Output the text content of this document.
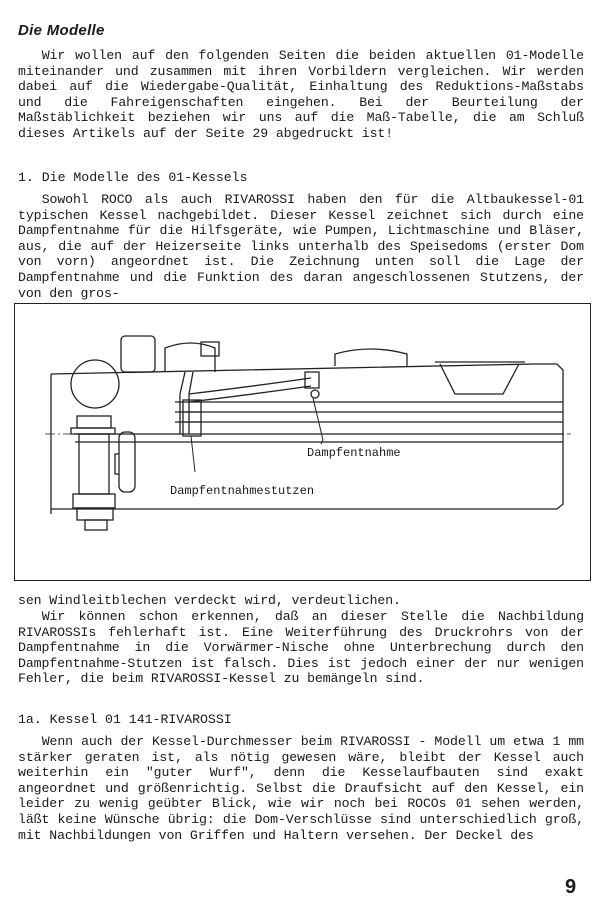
Die Modelle

Wir wollen auf den folgenden Seiten die beiden aktuellen 01-Modelle miteinander und zusammen mit ihren Vorbildern vergleichen. Wir werden dabei auf die Wiedergabe-Qualität, Einhaltung des Reduktions-Maßstabs und die Fahreigenschaften eingehen. Bei der Beurteilung der Maßstäblichkeit beziehen wir uns auf die Maß-Tabelle, die am Schluß dieses Artikels auf der Seite 29 abgedruckt ist!

1. Die Modelle des 01-Kessels

Sowohl ROCO als auch RIVAROSSI haben den für die Altbaukessel-01 typischen Kessel nachgebildet. Dieser Kessel zeichnet sich durch eine Dampfentnahme für die Hilfsgeräte, wie Pumpen, Lichtmaschine und Bläser, aus, die auf der Heizerseite links unterhalb des Speisedoms (erster Dom von vorn) angeordnet ist. Die Zeichnung unten soll die Lage der Dampfentnahme und die Funktion des daran angeschlossenen Stutzens, der von den gros-

Dampfentnahme
Dampfentnahmestutzen

sen Windleitblechen verdeckt wird, verdeutlichen.

Wir können schon erkennen, daß an dieser Stelle die Nachbildung RIVAROSSIs fehlerhaft ist. Eine Weiterführung des Druckrohrs von der Dampfentnahme in die Vorwärmer-Nische ohne Unterbrechung durch den Dampfentnahme-Stutzen ist falsch. Dies ist jedoch einer der nur wenigen Fehler, die beim RIVAROSSI-Kessel zu bemängeln sind.

1a. Kessel 01 141-RIVAROSSI

Wenn auch der Kessel-Durchmesser beim RIVAROSSI - Modell um etwa 1 mm stärker geraten ist, als nötig gewesen wäre, bleibt der Kessel auch weiterhin ein "guter Wurf", denn die Kesselaufbauten sind exakt angeordnet und größenrichtig. Selbst die Draufsicht auf den Kessel, ein leider zu wenig geübter Blick, wie wir noch bei ROCOs 01 sehen werden, läßt keine Wünsche übrig: die Dom-Verschlüsse sind unterschiedlich groß, mit Nachbildungen von Griffen und Haltern versehen. Der Deckel des

9
